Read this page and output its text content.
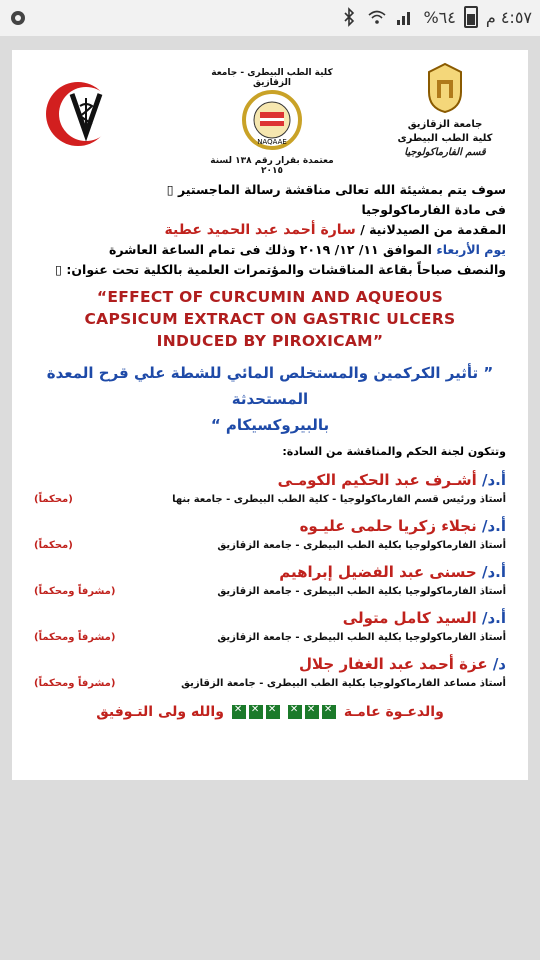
%٦٤ ٤:٥٧ م
جامعة الزقازيق
كلية الطب البيطرى
قسم الفارماكولوجيا
كلية الطب البيطرى - جامعة الزقازيق
NAQAAE
معتمدة بقرار رقم ١٣٨ لسنة ٢٠١٥

سوف يتم بمشيئة الله تعالى مناقشة رسالة الماجستير ▯

فى مادة الفارماكولوجيا

المقدمة من الصيدلانية / سارة أحمد عبد الحميد عطية

يوم الأربعاء الموافق ١١/ ١٢/ ٢٠١٩ وذلك فى تمام الساعة العاشرة

والنصف صباحاً بقاعة المناقشات والمؤتمرات العلمية بالكلية تحت عنوان: ▯

“EFFECT OF CURCUMIN AND AQUEOUS
CAPSICUM EXTRACT ON GASTRIC ULCERS
INDUCED BY PIROXICAM”
” تأثير الكركمين والمستخلص المائي للشطة علي قرح المعدة المستحدثة
بالبيروكسيكام “

وتتكون لجنة الحكم والمناقشة من السادة:

أ.د/ أشـرف عبد الحكيم الكومـى
أستاذ ورئيس قسم الفارماكولوجيا - كلية الطب البيطرى - جامعة بنها
(محكماً)
أ.د/ نجلاء زكريا حلمى عليـوه
أستاذ الفارماكولوجيا بكلية الطب البيطرى - جامعة الزقازيق
(محكماً)
أ.د/ حسنى عبد الفضيل إبراهيم
أستاذ الفارماكولوجيا بكلية الطب البيطرى - جامعة الزقازيق
(مشرفاً ومحكماً)
أ.د/ السيد كامل متولى
أستاذ الفارماكولوجيا بكلية الطب البيطرى - جامعة الزقازيق
(مشرفاً ومحكماً)
د/ عزة أحمد عبد الغفار جلال
أستاذ مساعد الفارماكولوجيا بكلية الطب البيطرى - جامعة الزقازيق
(مشرفاً ومحكماً)
والدعـوة عامـة
✕
✕
✕
✕
✕
✕
والله ولى التـوفيق
